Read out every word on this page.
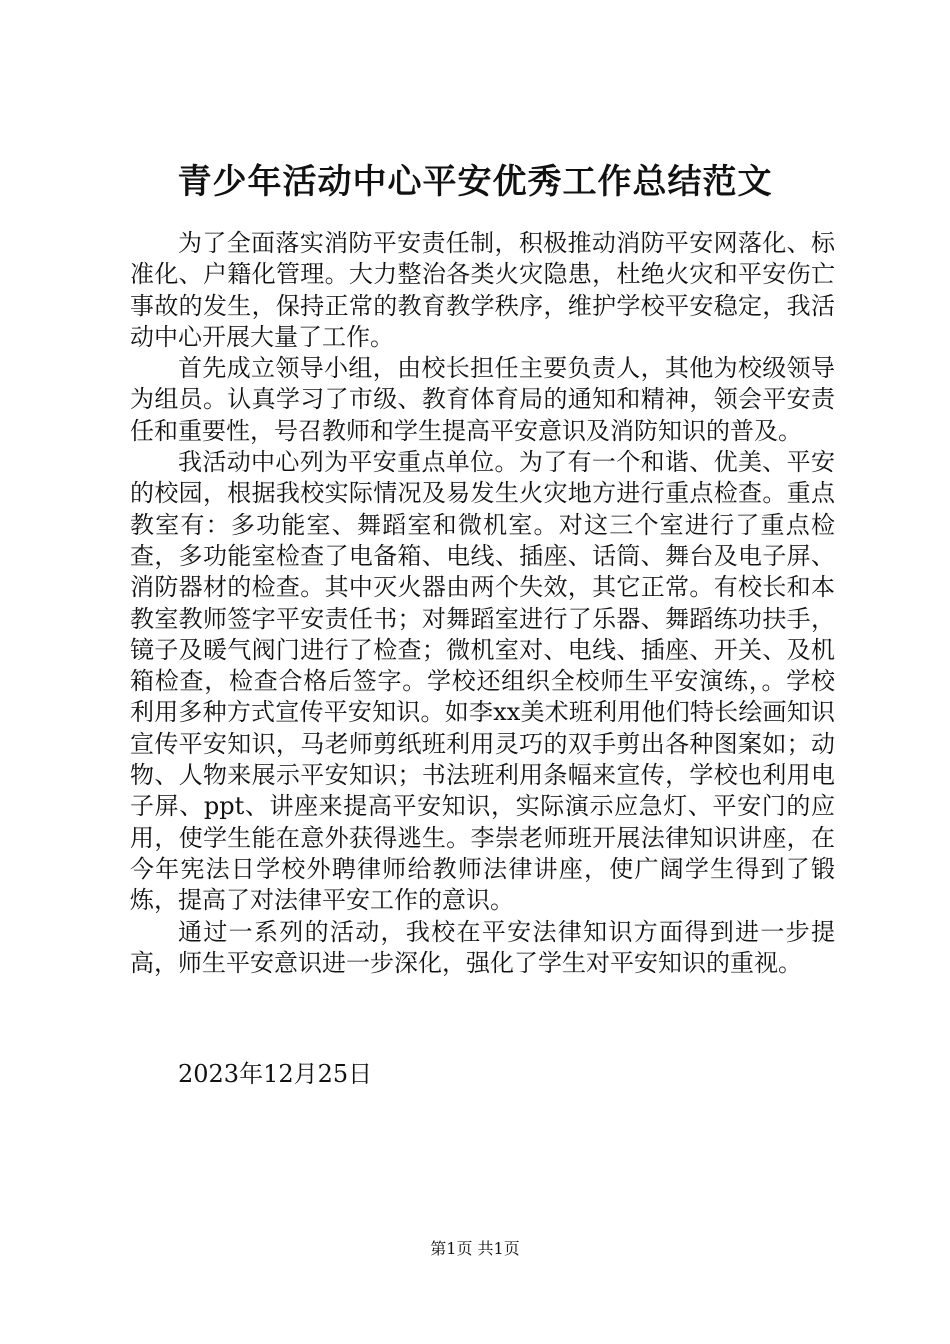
青少年活动中心平安优秀工作总结范文

为了全面落实消防平安责任制，积极推动消防平安网落化、标准化、户籍化管理。大力整治各类火灾隐患，杜绝火灾和平安伤亡事故的发生，保持正常的教育教学秩序，维护学校平安稳定，我活动中心开展大量了工作。

首先成立领导小组，由校长担任主要负责人，其他为校级领导为组员。认真学习了市级、教育体育局的通知和精神，领会平安责任和重要性，号召教师和学生提高平安意识及消防知识的普及。

我活动中心列为平安重点单位。为了有一个和谐、优美、平安的校园，根据我校实际情况及易发生火灾地方进行重点检查。重点教室有：多功能室、舞蹈室和微机室。对这三个室进行了重点检查，多功能室检查了电备箱、电线、插座、话筒、舞台及电子屏、消防器材的检查。其中灭火器由两个失效，其它正常。有校长和本教室教师签字平安责任书；对舞蹈室进行了乐器、舞蹈练功扶手，镜子及暖气阀门进行了检查；微机室对、电线、插座、开关、及机箱检查，检查合格后签字。学校还组织全校师生平安演练，。学校利用多种方式宣传平安知识。如李xx美术班利用他们特长绘画知识宣传平安知识，马老师剪纸班利用灵巧的双手剪出各种图案如；动物、人物来展示平安知识；书法班利用条幅来宣传，学校也利用电子屏、ppt、讲座来提高平安知识，实际演示应急灯、平安门的应用，使学生能在意外获得逃生。李崇老师班开展法律知识讲座，在今年宪法日学校外聘律师给教师法律讲座，使广阔学生得到了锻炼，提高了对法律平安工作的意识。

通过一系列的活动，我校在平安法律知识方面得到进一步提高，师生平安意识进一步深化，强化了学生对平安知识的重视。

2023年12月25日
第1页 共1页
